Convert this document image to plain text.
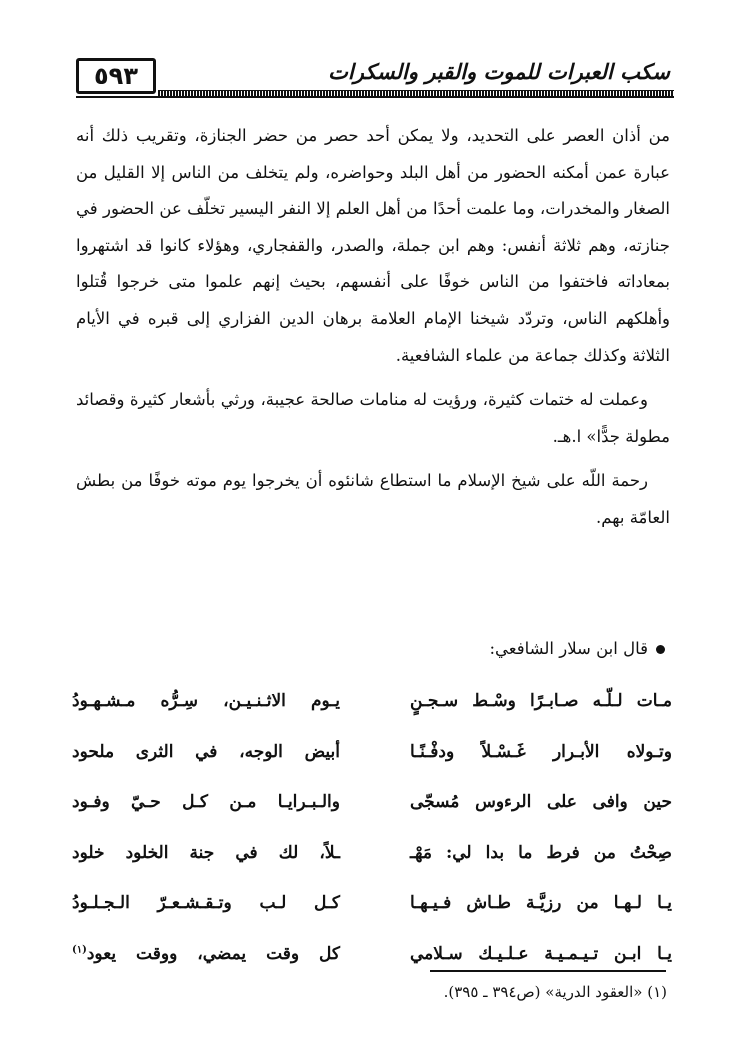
٥٩٣	سكب العبرات للموت والقبر والسكرات

من أذان العصر على التحديد، ولا يمكن أحد حصر من حضر الجنازة، وتقريب ذلك أنه عبارة عمن أمكنه الحضور من أهل البلد وحواضره، ولم يتخلف من الناس إلا القليل من الصغار والمخدرات، وما علمت أحدًا من أهل العلم إلا النفر اليسير تخلّف عن الحضور في جنازته، وهم ثلاثة أنفس: وهم ابن جملة، والصدر، والقفجاري، وهؤلاء كانوا قد اشتهروا بمعاداته فاختفوا من الناس خوفًا على أنفسهم، بحيث إنهم علموا متى خرجوا قُتلوا وأهلكهم الناس، وتردّد شيخنا الإمام العلامة برهان الدين الفزاري إلى قبره في الأيام الثلاثة وكذلك جماعة من علماء الشافعية.

وعملت له ختمات كثيرة، ورؤيت له منامات صالحة عجيبة، ورثي بأشعار كثيرة وقصائد مطولة جدًّا» ا.هـ.

رحمة اللّه على شيخ الإسلام ما استطاع شانئوه أن يخرجوا يوم موته خوفًا من بطش العامّة بهم.

قال ابن سلار الشافعي:
مـات لـلّـه صـابـرًا وسْـط سـجـنٍ
يـوم الاثـنـيـن، سِـرُّه مـشـهـودُ
وتـولاه الأبـرار غَـسْـلاً ودفْـنًـا
أبيض الوجه، في الثرى ملحود
حين وافى على الرءوس مُسجّى
والـبـرايـا مـن كـل حـيّ وفـود
صِحْتُ من فرط ما بدا لي: مَهْـ
ـلاً، لك في جنة الخلود خلود
يـا لـهـا من رزيَّـة طـاش فـيـهـا
كـل لـب وتـقـشـعـرّ الـجـلـودُ
يـا ابـن تـيـمـيـة عـلـيـك سـلامي
كل وقت يمضي، ووقت يعود$^{(١)}$
(١) «العقود الدرية» (ص٣٩٤ ـ ٣٩٥).
